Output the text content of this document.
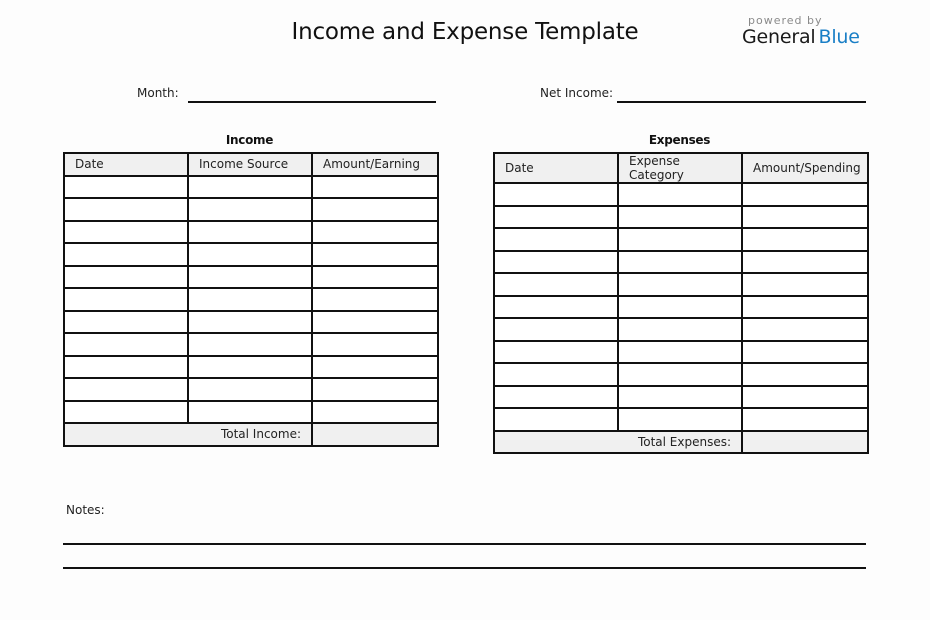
Income and Expense Template	powered by
General Blue
Month:	Net Income:
Income	Expenses
Date	Income Source	Amount/Earning

Total Income:		
Date	Expense Category	Amount/Spending

Total Expenses:		
Notes:
